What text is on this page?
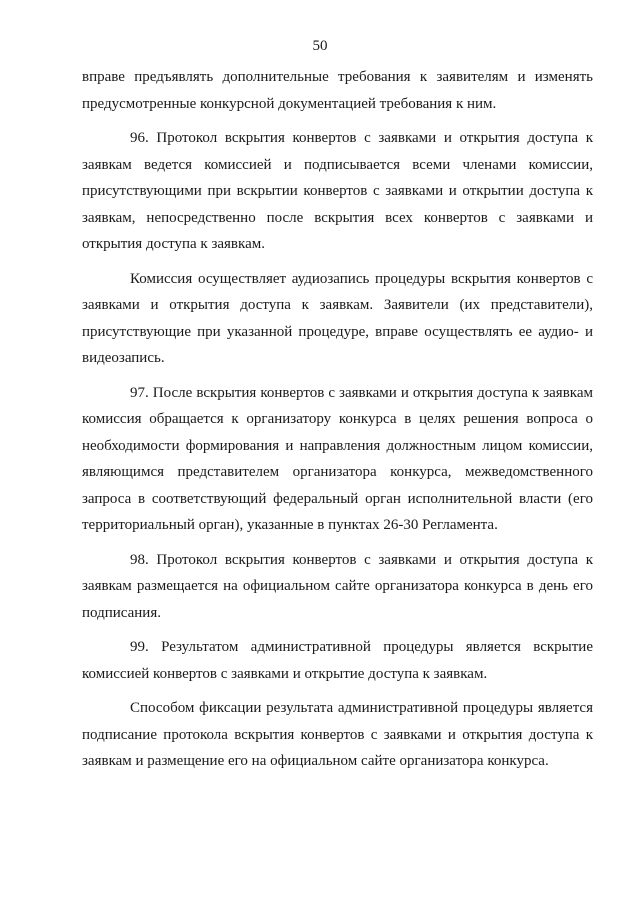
50

вправе предъявлять дополнительные требования к заявителям и изменять предусмотренные конкурсной документацией требования к ним.

96. Протокол вскрытия конвертов с заявками и открытия доступа к заявкам ведется комиссией и подписывается всеми членами комиссии, присутствующими при вскрытии конвертов с заявками и открытии доступа к заявкам, непосредственно после вскрытия всех конвертов с заявками и открытия доступа к заявкам.

Комиссия осуществляет аудиозапись процедуры вскрытия конвертов с заявками и открытия доступа к заявкам. Заявители (их представители), присутствующие при указанной процедуре, вправе осуществлять ее аудио- и видеозапись.

97. После вскрытия конвертов с заявками и открытия доступа к заявкам комиссия обращается к организатору конкурса в целях решения вопроса о необходимости формирования и направления должностным лицом комиссии, являющимся представителем организатора конкурса, межведомственного запроса в соответствующий федеральный орган исполнительной власти (его территориальный орган), указанные в пунктах 26-30 Регламента.

98. Протокол вскрытия конвертов с заявками и открытия доступа к заявкам размещается на официальном сайте организатора конкурса в день его подписания.

99. Результатом административной процедуры является вскрытие комиссией конвертов с заявками и открытие доступа к заявкам.

Способом фиксации результата административной процедуры является подписание протокола вскрытия конвертов с заявками и открытия доступа к заявкам и размещение его на официальном сайте организатора конкурса.
